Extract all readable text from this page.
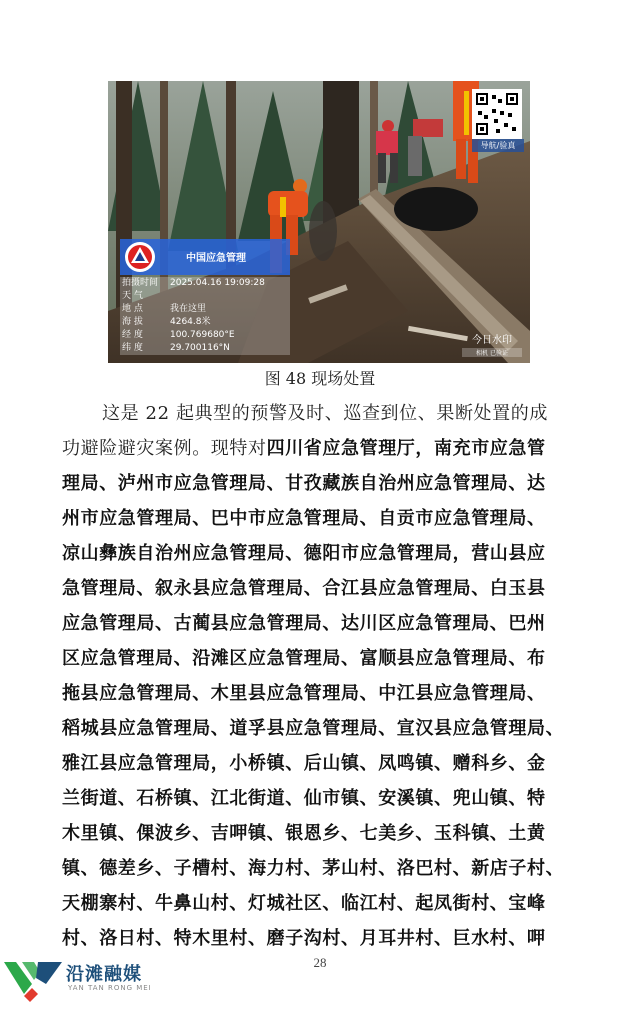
导航/验真
中国应急管理
拍摄时间	2025.04.16 19:09:28
天 气
地 点	我在这里
海 拔	4264.8米
经 度	100.769680°E
纬 度	29.700116°N
今日水印
相机 已验证
图 48 现场处置
这是 22 起典型的预警及时、巡查到位、果断处置的成
功避险避灾案例。现特对四川省应急管理厅，南充市应急管
理局、泸州市应急管理局、甘孜藏族自治州应急管理局、达
州市应急管理局、巴中市应急管理局、自贡市应急管理局、
凉山彝族自治州应急管理局、德阳市应急管理局，营山县应
急管理局、叙永县应急管理局、合江县应急管理局、白玉县
应急管理局、古蔺县应急管理局、达川区应急管理局、巴州
区应急管理局、沿滩区应急管理局、富顺县应急管理局、布
拖县应急管理局、木里县应急管理局、中江县应急管理局、
稻城县应急管理局、道孚县应急管理局、宣汉县应急管理局、
雅江县应急管理局，小桥镇、后山镇、凤鸣镇、赠科乡、金
兰街道、石桥镇、江北街道、仙市镇、安溪镇、兜山镇、特
木里镇、倮波乡、吉呷镇、银恩乡、七美乡、玉科镇、土黄
镇、德差乡、子槽村、海力村、茅山村、洛巴村、新店子村、
天棚寨村、牛鼻山村、灯城社区、临江村、起凤街村、宝峰
村、洛日村、特木里村、磨子沟村、月耳井村、巨水村、呷
28
沿滩融媒
YAN TAN RONG MEI
